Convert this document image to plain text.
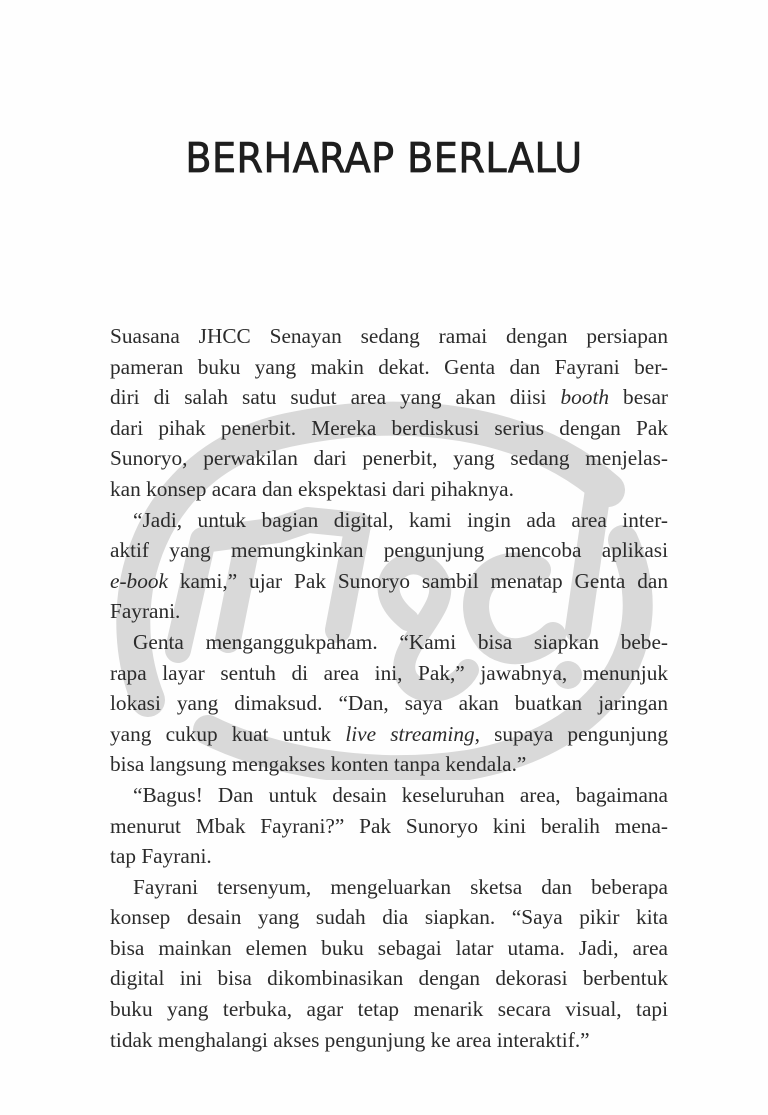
BERHARAP BERLALU
Suasana JHCC Senayan sedang ramai dengan persiapan
pameran buku yang makin dekat. Genta dan Fayrani ber-
diri di salah satu sudut area yang akan diisi booth besar
dari pihak penerbit. Mereka berdiskusi serius dengan Pak
Sunoryo, perwakilan dari penerbit, yang sedang menjelas-
kan konsep acara dan ekspektasi dari pihaknya.
“Jadi, untuk bagian digital, kami ingin ada area inter-
aktif yang memungkinkan pengunjung mencoba aplikasi
e-book kami,” ujar Pak Sunoryo sambil menatap Genta dan
Fayrani.
Genta menganggukpaham. “Kami bisa siapkan bebe-
rapa layar sentuh di area ini, Pak,” jawabnya, menunjuk
lokasi yang dimaksud. “Dan, saya akan buatkan jaringan
yang cukup kuat untuk live streaming, supaya pengunjung
bisa langsung mengakses konten tanpa kendala.”
“Bagus! Dan untuk desain keseluruhan area, bagaimana
menurut Mbak Fayrani?” Pak Sunoryo kini beralih mena-
tap Fayrani.
Fayrani tersenyum, mengeluarkan sketsa dan beberapa
konsep desain yang sudah dia siapkan. “Saya pikir kita
bisa mainkan elemen buku sebagai latar utama. Jadi, area
digital ini bisa dikombinasikan dengan dekorasi berbentuk
buku yang terbuka, agar tetap menarik secara visual, tapi
tidak menghalangi akses pengunjung ke area interaktif.”
